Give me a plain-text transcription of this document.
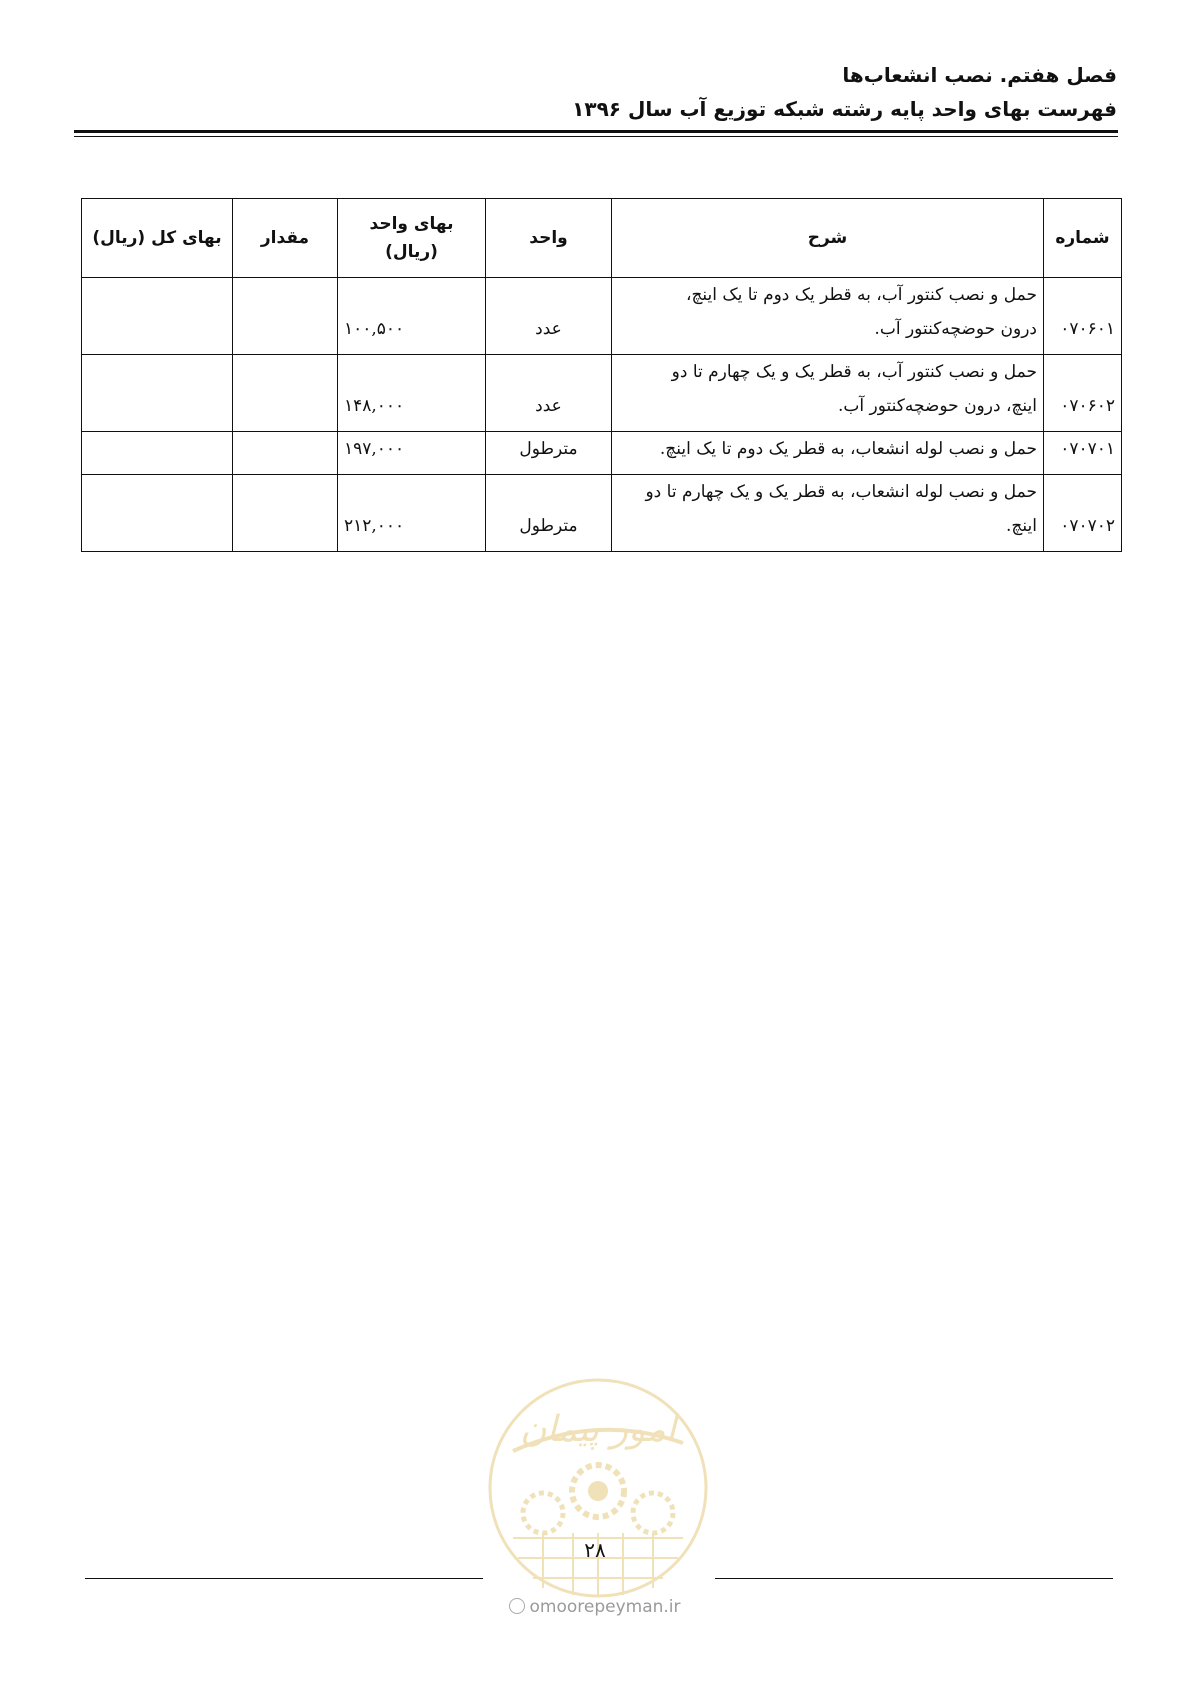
فصل هفتم. نصب انشعاب‌ها
فهرست بهای واحد پایه رشته شبکه توزیع آب سال ۱۳۹۶
شماره	شرح	واحد	بهای واحد
(ریال)	مقدار	بهای کل (ریال)
۰۷۰۶۰۱	حمل و نصب کنتور آب، به قطر یک دوم تا یک اینچ،
درون حوضچه‌کنتور آب.	عدد	۱۰۰,۵۰۰		
۰۷۰۶۰۲	حمل و نصب کنتور آب، به قطر یک و یک چهارم تا دو
اینچ، درون حوضچه‌کنتور آب.	عدد	۱۴۸,۰۰۰		
۰۷۰۷۰۱	حمل و نصب لوله انشعاب، به قطر یک دوم تا یک اینچ.	مترطول	۱۹۷,۰۰۰		
۰۷۰۷۰۲	حمل و نصب لوله انشعاب، به قطر یک و یک چهارم تا دو
اینچ.	مترطول	۲۱۲,۰۰۰		
امور پیمان
۲۸
omoorepeyman.ir
